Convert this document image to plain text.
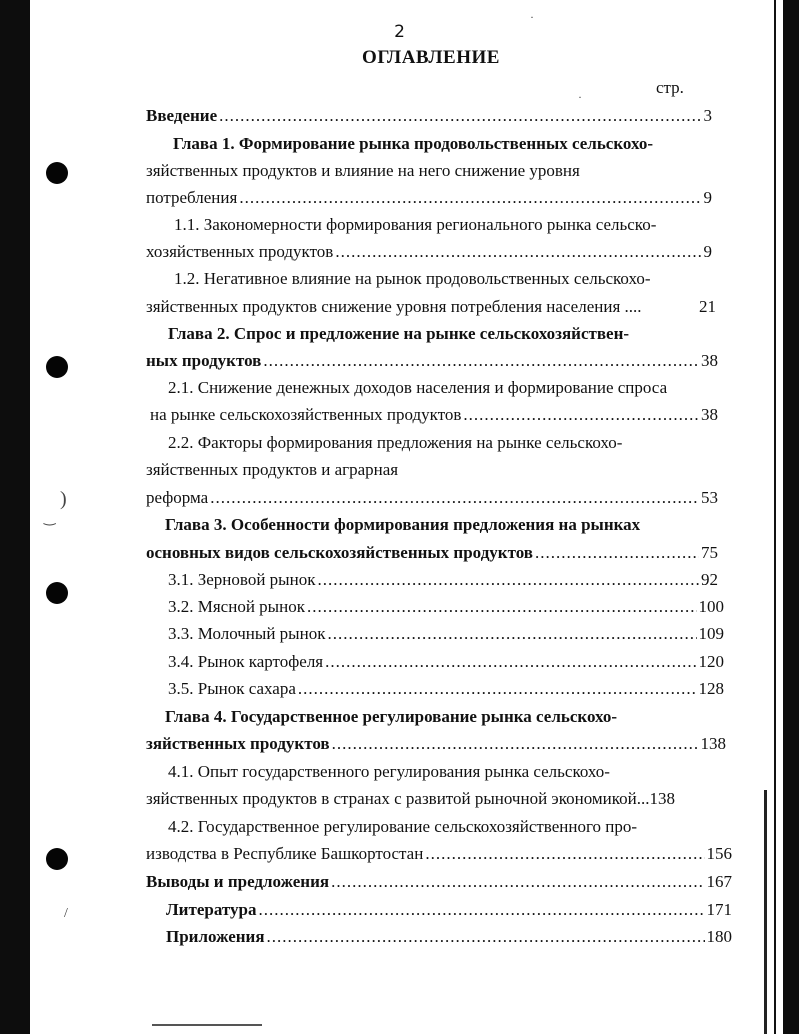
)
‿
/
·
·
2
ОГЛАВЛЕНИЕ
стр.
Введение .....	3
Глава 1. Формирование рынка продовольственных сельскохо-
зяйственных продуктов и влияние на него снижение уровня
потребления .....	9
1.1. Закономерности формирования регионального рынка сельско-
хозяйственных продуктов .....	9
1.2. Негативное влияние на рынок продовольственных сельскохо-
зяйственных продуктов снижение уровня потребления населения ....	21
Глава 2. Спрос и предложение на рынке сельскохозяйствен-
ных продуктов .....	38
2.1. Снижение денежных доходов населения и формирование спроса
на рынке сельскохозяйственных продуктов .....	38
2.2. Факторы формирования предложения на рынке сельскохо-
зяйственных продуктов и аграрная
реформа .....	53
Глава 3. Особенности формирования предложения на рынках
основных видов сельскохозяйственных продуктов .....	75
3.1. Зерновой рынок .....	92
3.2. Мясной рынок .....	100
3.3. Молочный рынок .....	109
3.4. Рынок картофеля .....	120
3.5. Рынок сахара .....	128
Глава 4. Государственное регулирование рынка сельскохо-
зяйственных продуктов .....	138
4.1. Опыт государственного регулирования рынка сельскохо-
зяйственных продуктов в странах с развитой рыночной экономикой... 138
4.2. Государственное регулирование сельскохозяйственного про-
изводства в Республике Башкортостан .....	156
Выводы и предложения .....	167
Литература .....	171
Приложения .....	180
